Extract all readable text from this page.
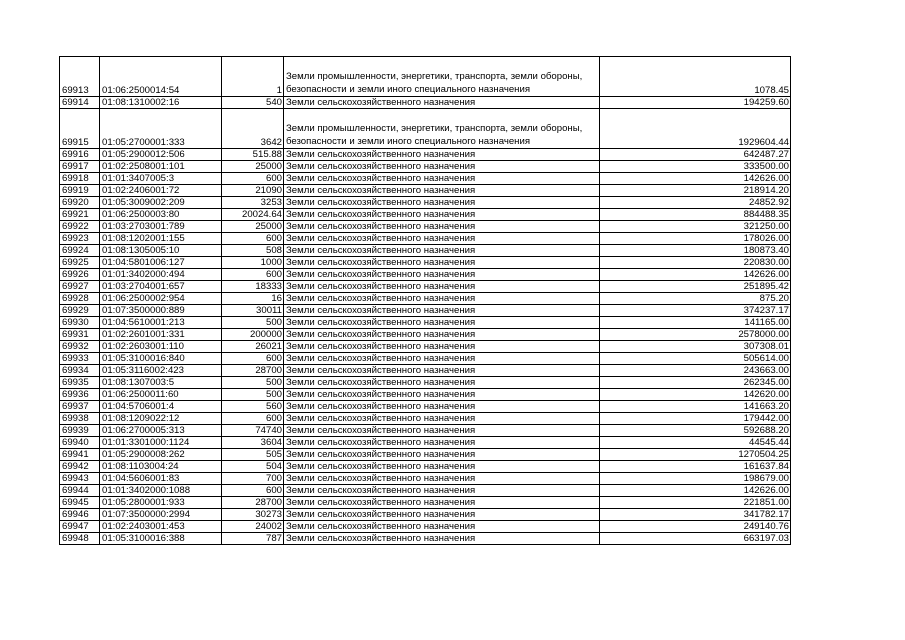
69913	01:06:2500014:54	1	Земли промышленности, энергетики, транспорта, земли обороны, безопасности и земли иного специального назначения	1078.45
69914	01:08:1310002:16	540	Земли сельскохозяйственного назначения	194259.60
69915	01:05:2700001:333	3642	Земли промышленности, энергетики, транспорта, земли обороны, безопасности и земли иного специального назначения	1929604.44
69916	01:05:2900012:506	515.88	Земли сельскохозяйственного назначения	642487.27
69917	01:02:2508001:101	25000	Земли сельскохозяйственного назначения	333500.00
69918	01:01:3407005:3	600	Земли сельскохозяйственного назначения	142626.00
69919	01:02:2406001:72	21090	Земли сельскохозяйственного назначения	218914.20
69920	01:05:3009002:209	3253	Земли сельскохозяйственного назначения	24852.92
69921	01:06:2500003:80	20024.64	Земли сельскохозяйственного назначения	884488.35
69922	01:03:2703001:789	25000	Земли сельскохозяйственного назначения	321250.00
69923	01:08:1202001:155	600	Земли сельскохозяйственного назначения	178026.00
69924	01:08:1305005:10	508	Земли сельскохозяйственного назначения	180873.40
69925	01:04:5801006:127	1000	Земли сельскохозяйственного назначения	220830.00
69926	01:01:3402000:494	600	Земли сельскохозяйственного назначения	142626.00
69927	01:03:2704001:657	18333	Земли сельскохозяйственного назначения	251895.42
69928	01:06:2500002:954	16	Земли сельскохозяйственного назначения	875.20
69929	01:07:3500000:889	30011	Земли сельскохозяйственного назначения	374237.17
69930	01:04:5610001:213	500	Земли сельскохозяйственного назначения	141165.00
69931	01:02:2601001:331	200000	Земли сельскохозяйственного назначения	2578000.00
69932	01:02:2603001:110	26021	Земли сельскохозяйственного назначения	307308.01
69933	01:05:3100016:840	600	Земли сельскохозяйственного назначения	505614.00
69934	01:05:3116002:423	28700	Земли сельскохозяйственного назначения	243663.00
69935	01:08:1307003:5	500	Земли сельскохозяйственного назначения	262345.00
69936	01:06:2500011:60	500	Земли сельскохозяйственного назначения	142620.00
69937	01:04:5706001:4	560	Земли сельскохозяйственного назначения	141663.20
69938	01:08:1209022:12	600	Земли сельскохозяйственного назначения	179442.00
69939	01:06:2700005:313	74740	Земли сельскохозяйственного назначения	592688.20
69940	01:01:3301000:1124	3604	Земли сельскохозяйственного назначения	44545.44
69941	01:05:2900008:262	505	Земли сельскохозяйственного назначения	1270504.25
69942	01:08:1103004:24	504	Земли сельскохозяйственного назначения	161637.84
69943	01:04:5606001:83	700	Земли сельскохозяйственного назначения	198679.00
69944	01:01:3402000:1088	600	Земли сельскохозяйственного назначения	142626.00
69945	01:05:2800001:933	28700	Земли сельскохозяйственного назначения	221851.00
69946	01:07:3500000:2994	30273	Земли сельскохозяйственного назначения	341782.17
69947	01:02:2403001:453	24002	Земли сельскохозяйственного назначения	249140.76
69948	01:05:3100016:388	787	Земли сельскохозяйственного назначения	663197.03
